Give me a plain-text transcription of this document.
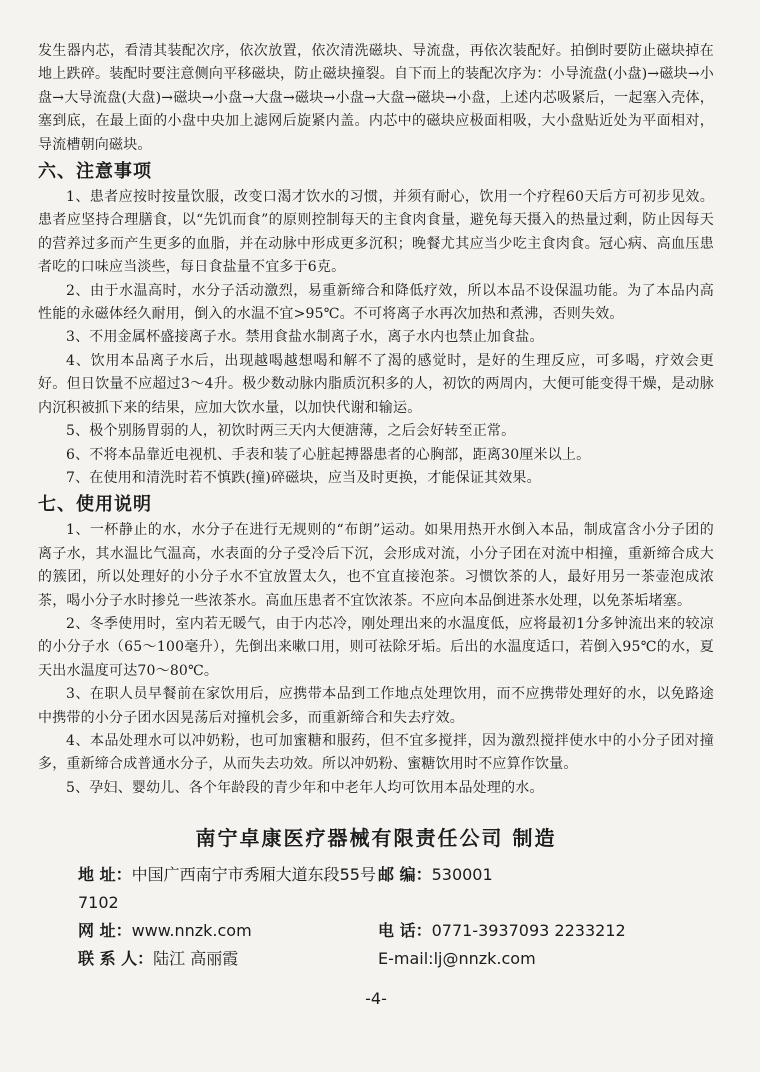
发生器内芯，看清其装配次序，依次放置，依次清洗磁块、导流盘，再依次装配好。拍倒时要防止磁块掉在地上跌碎。装配时要注意侧向平移磁块，防止磁块撞裂。自下而上的装配次序为：小导流盘(小盘)→磁块→小盘→大导流盘(大盘)→磁块→小盘→大盘→磁块→小盘→大盘→磁块→小盘，上述内芯吸紧后，一起塞入壳体，塞到底，在最上面的小盘中央加上滤网后旋紧内盖。内芯中的磁块应极面相吸，大小盘贴近处为平面相对，导流槽朝向磁块。

六、注意事项

1、患者应按时按量饮服，改变口渴才饮水的习惯，并须有耐心，饮用一个疗程60天后方可初步见效。患者应坚持合理膳食，以“先饥而食”的原则控制每天的主食肉食量，避免每天摄入的热量过剩，防止因每天的营养过多而产生更多的血脂，并在动脉中形成更多沉积；晚餐尤其应当少吃主食肉食。冠心病、高血压患者吃的口味应当淡些，每日食盐量不宜多于6克。

2、由于水温高时，水分子活动激烈，易重新缔合和降低疗效，所以本品不设保温功能。为了本品内高性能的永磁体经久耐用，倒入的水温不宜>95℃。不可将离子水再次加热和煮沸，否则失效。

3、不用金属杯盛接离子水。禁用食盐水制离子水，离子水内也禁止加食盐。

4、饮用本品离子水后，出现越喝越想喝和解不了渴的感觉时，是好的生理反应，可多喝，疗效会更好。但日饮量不应超过3～4升。极少数动脉内脂质沉积多的人，初饮的两周内，大便可能变得干燥，是动脉内沉积被抓下来的结果，应加大饮水量，以加快代谢和输运。

5、极个别肠胃弱的人，初饮时两三天内大便溏薄，之后会好转至正常。

6、不将本品靠近电视机、手表和装了心脏起搏器患者的心胸部，距离30厘米以上。

7、在使用和清洗时若不慎跌(撞)碎磁块，应当及时更换，才能保证其效果。

七、使用说明

1、一杯静止的水，水分子在进行无规则的“布朗”运动。如果用热开水倒入本品，制成富含小分子团的离子水，其水温比气温高，水表面的分子受冷后下沉，会形成对流，小分子团在对流中相撞，重新缔合成大的簇团，所以处理好的小分子水不宜放置太久，也不宜直接泡茶。习惯饮茶的人，最好用另一茶壶泡成浓茶，喝小分子水时掺兑一些浓茶水。高血压患者不宜饮浓茶。不应向本品倒进茶水处理，以免茶垢堵塞。

2、冬季使用时，室内若无暖气，由于内芯冷，刚处理出来的水温度低，应将最初1分多钟流出来的较凉的小分子水（65～100毫升），先倒出来嗽口用，则可祛除牙垢。后出的水温度适口，若倒入95℃的水，夏天出水温度可达70～80℃。

3、在职人员早餐前在家饮用后，应携带本品到工作地点处理饮用，而不应携带处理好的水，以免路途中携带的小分子团水因晃荡后对撞机会多，而重新缔合和失去疗效。

4、本品处理水可以冲奶粉，也可加蜜糖和服药，但不宜多搅拌，因为激烈搅拌使水中的小分子团对撞多，重新缔合成普通水分子，从而失去功效。所以冲奶粉、蜜糖饮用时不应算作饮量。

5、孕妇、婴幼儿、各个年龄段的青少年和中老年人均可饮用本品处理的水。

南宁卓康医疗器械有限责任公司 制造
地 址：中国广西南宁市秀厢大道东段55号7102
邮 编：530001
网 址：www.nnzk.com	电 话：0771-3937093 2233212
联 系 人：陆江 高丽霞	E-mail:lj@nnzk.com
-4-
